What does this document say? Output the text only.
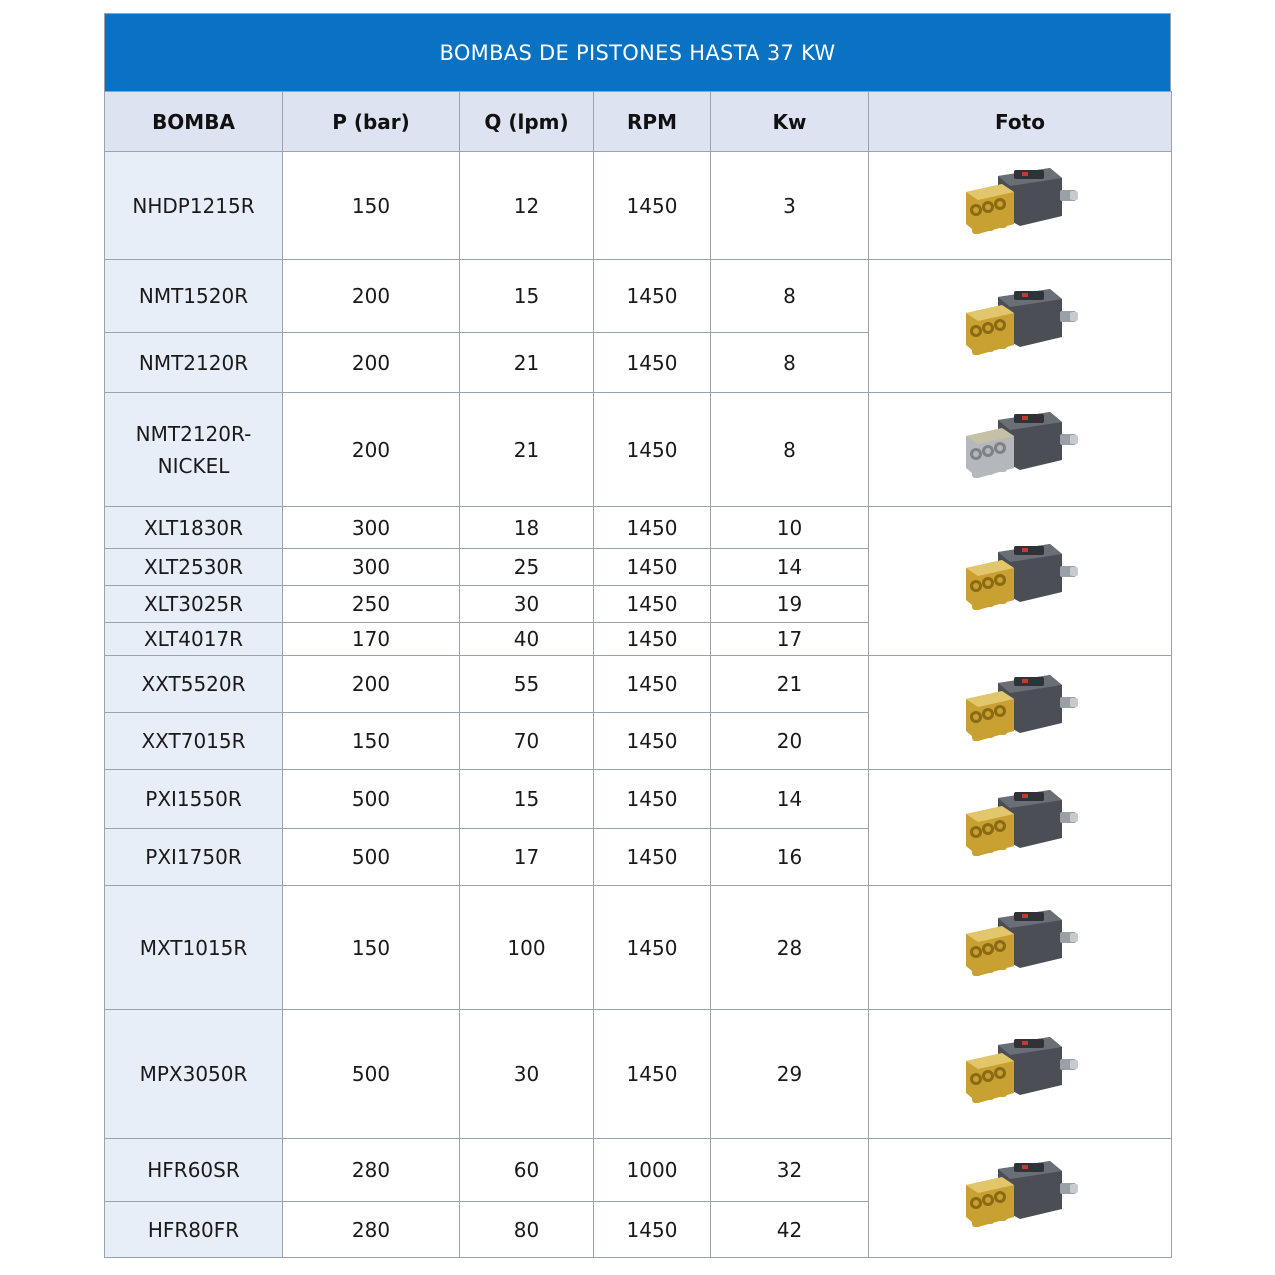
BOMBAS DE PISTONES HASTA 37 KW
BOMBA	P (bar)	Q (lpm)	RPM	Kw	Foto
NHDP1215R	150	12	1450	3	
NMT1520R	200	15	1450	8	
NMT2120R	200	21	1450	8	
NMT2120R-
NICKEL	200	21	1450	8	
XLT1830R	300	18	1450	10	
XLT2530R	300	25	1450	14	
XLT3025R	250	30	1450	19	
XLT4017R	170	40	1450	17	
XXT5520R	200	55	1450	21	
XXT7015R	150	70	1450	20	
PXI1550R	500	15	1450	14	
PXI1750R	500	17	1450	16	
MXT1015R	150	100	1450	28	
MPX3050R	500	30	1450	29	
HFR60SR	280	60	1000	32	
HFR80FR	280	80	1450	42	
